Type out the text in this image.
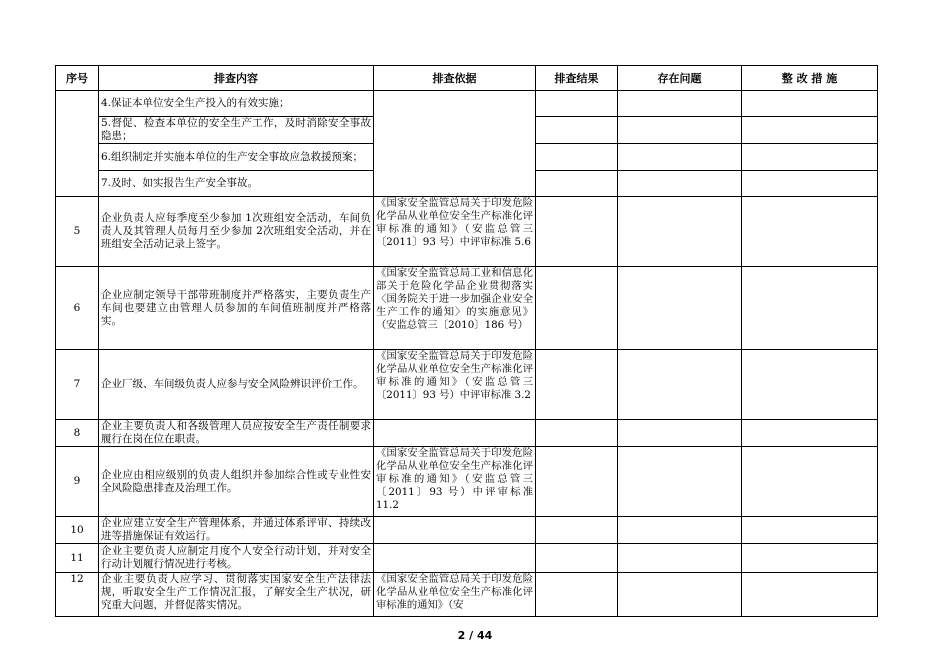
序号	排查内容	排查依据	排查结果	存在问题	整 改 措 施
	4.保证本单位安全生产投入的有效实施；				
	5.督促、检查本单位的安全生产工作，及时消除安全事故隐患；				
	6.组织制定并实施本单位的生产安全事故应急救援预案；				
	7.及时、如实报告生产安全事故。				
5	企业负责人应每季度至少参加 1次班组安全活动，车间负责人及其管理人员每月至少参加 2次班组安全活动，并在班组安全活动记录上签字。	《国家安全监管总局关于印发危险化学品从业单位安全生产标准化评审标准的通知》（安监总管三〔2011〕93 号）中评审标准 5.6			
6	企业应制定领导干部带班制度并严格落实，主要负责生产车间也要建立由管理人员参加的车间值班制度并严格落实。	《国家安全监管总局工业和信息化部关于危险化学品企业贯彻落实〈国务院关于进一步加强企业安全生产工作的通知〉的实施意见》（安监总管三〔2010〕186 号）			
7	企业厂级、车间级负责人应参与安全风险辨识评价工作。	《国家安全监管总局关于印发危险化学品从业单位安全生产标准化评审标准的通知》（安监总管三〔2011〕93 号）中评审标准 3.2			
8	企业主要负责人和各级管理人员应按安全生产责任制要求履行在岗在位在职责。				
9	企业应由相应级别的负责人组织并参加综合性或专业性安全风险隐患排查及治理工作。	《国家安全监管总局关于印发危险化学品从业单位安全生产标准化评审标准的通知》（安监总管三〔2011〕93 号）中评审标准 11.2			
10	企业应建立安全生产管理体系，并通过体系评审、持续改进等措施保证有效运行。				
11	企业主要负责人应制定月度个人安全行动计划，并对安全行动计划履行情况进行考核。				
12	企业主要负责人应学习、贯彻落实国家安全生产法律法规，听取安全生产工作情况汇报，了解安全生产状况，研究重大问题，并督促落实情况。	《国家安全监管总局关于印发危险化学品从业单位安全生产标准化评审标准的通知》（安			
2 / 44
